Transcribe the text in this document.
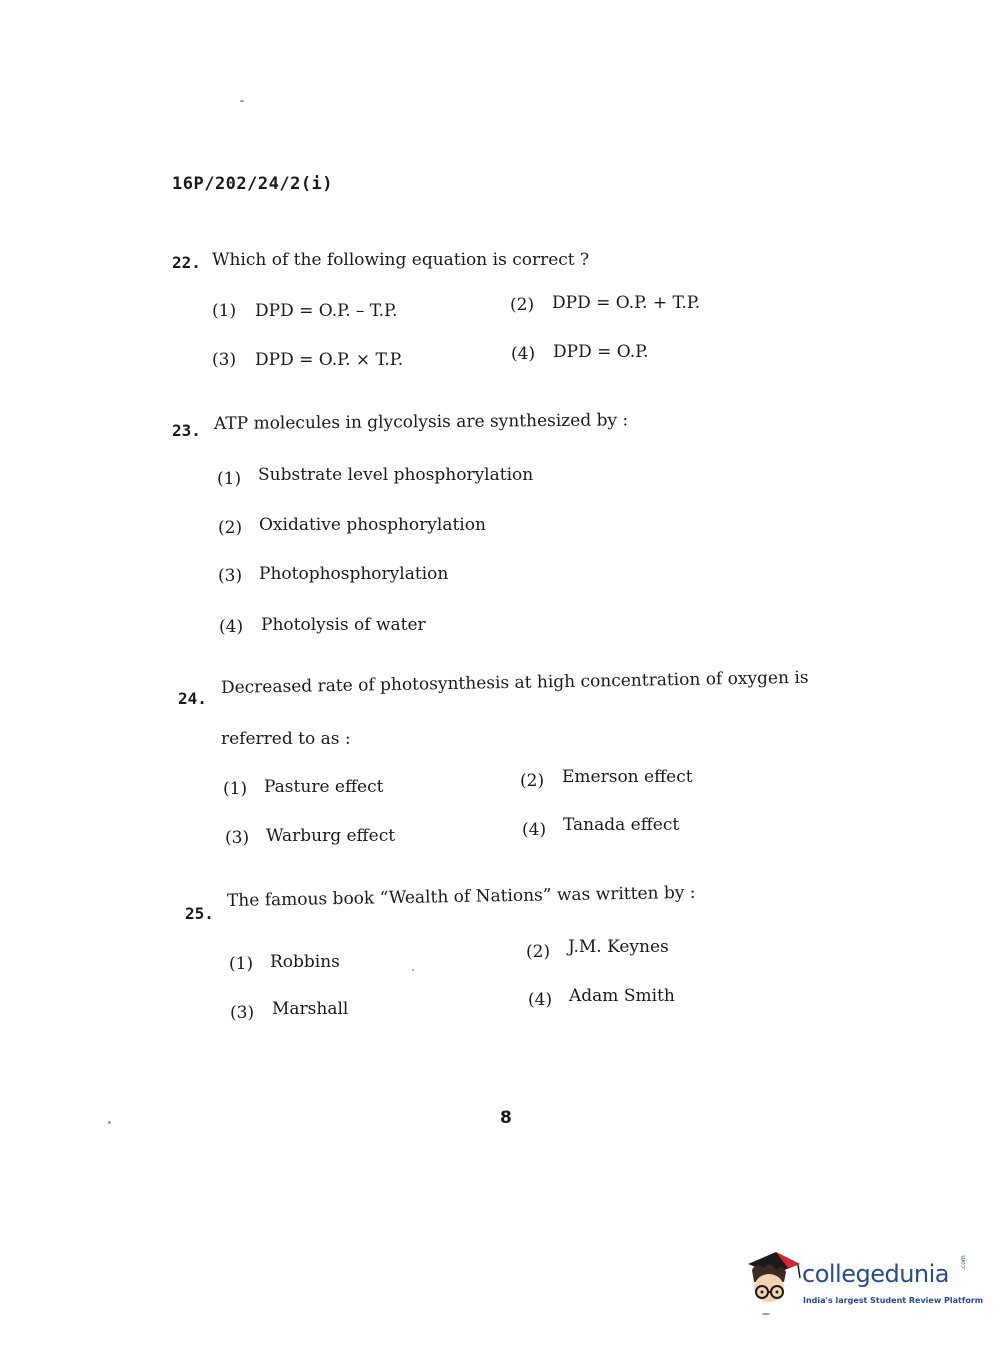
16P/202/24/2(i)
22. Which of the following equation is correct ?
(1) DPD = O.P. – T.P.	(2) DPD = O.P. + T.P.
(3) DPD = O.P. × T.P.	(4) DPD = O.P.
23. ATP molecules in glycolysis are synthesized by :
(1) Substrate level phosphorylation
(2) Oxidative phosphorylation
(3) Photophosphorylation
(4) Photolysis of water
24.
Decreased rate of photosynthesis at high concentration of oxygen is
referred to as :
(1) Pasture effect	(2) Emerson effect
(3) Warburg effect	(4) Tanada effect
25.
The famous book “Wealth of Nations” was written by :
(1) Robbins	(2) J.M. Keynes
(3) Marshall	(4) Adam Smith
8
collegedunia .com
India's largest Student Review Platform
